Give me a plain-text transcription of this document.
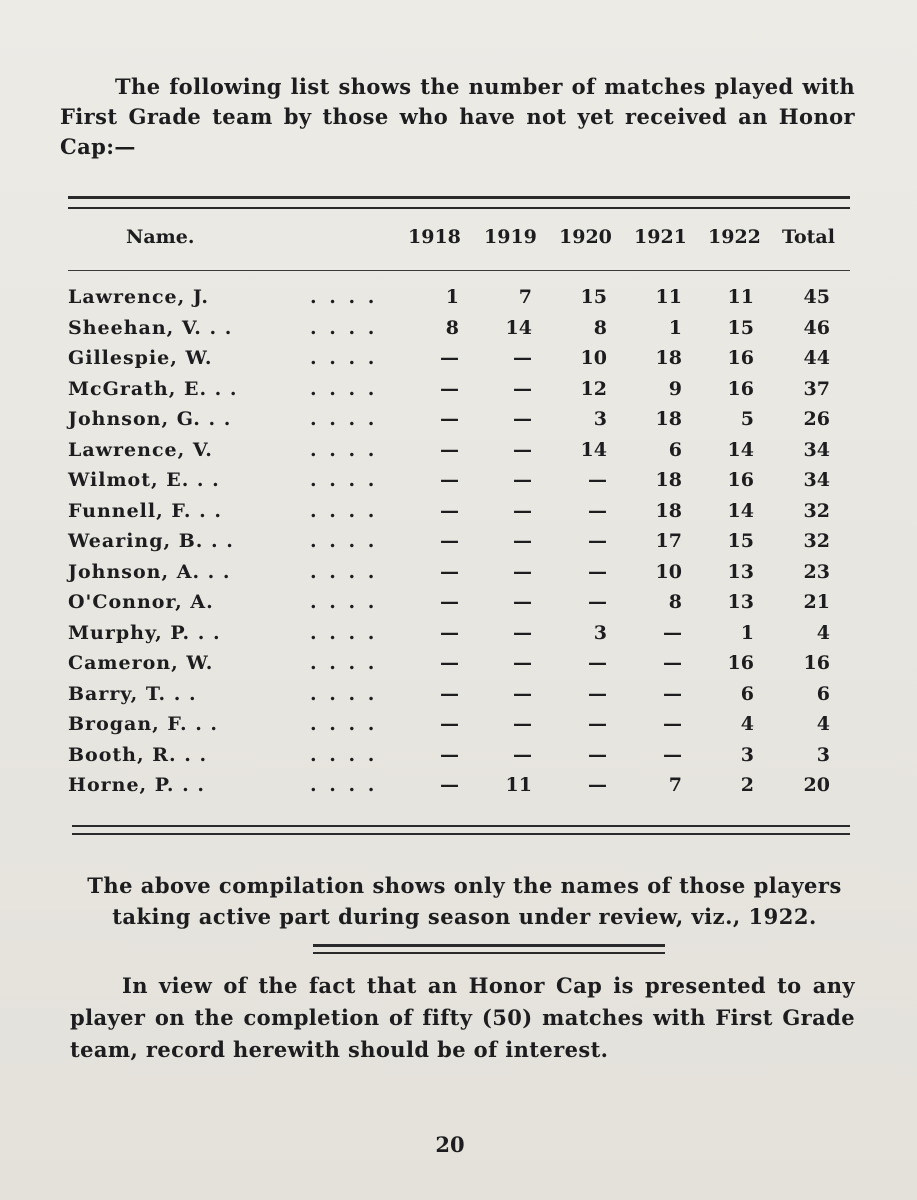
The following list shows the number of matches played with First Grade team by those who have not yet received an Honor Cap:—
Name.	1918 1919 1920 1921 1922 Total
Lawrence, J.	. . . .	1	7	15	11	11	45
Sheehan, V. . .	. . . .	8	14	8	1	15	46
Gillespie, W.	. . . .	—	—	10	18	16	44
McGrath, E. . .	. . . .	—	—	12	9	16	37
Johnson, G. . .	. . . .	—	—	3	18	5	26
Lawrence, V.	. . . .	—	—	14	6	14	34
Wilmot, E. . .	. . . .	—	—	—	18	16	34
Funnell, F. . .	. . . .	—	—	—	18	14	32
Wearing, B. . .	. . . .	—	—	—	17	15	32
Johnson, A. . .	. . . .	—	—	—	10	13	23
O'Connor, A.	. . . .	—	—	—	8	13	21
Murphy, P. . .	. . . .	—	—	3	—	1	4
Cameron, W.	. . . .	—	—	—	—	16	16
Barry, T. . .	. . . .	—	—	—	—	6	6
Brogan, F. . .	. . . .	—	—	—	—	4	4
Booth, R. . .	. . . .	—	—	—	—	3	3
Horne, P. . .	. . . .	—	11	—	7	2	20
The above compilation shows only the names of those players taking active part during season under review, viz., 1922.
In view of the fact that an Honor Cap is presented to any player on the completion of fifty (50) matches with First Grade team, record herewith should be of interest.
20
